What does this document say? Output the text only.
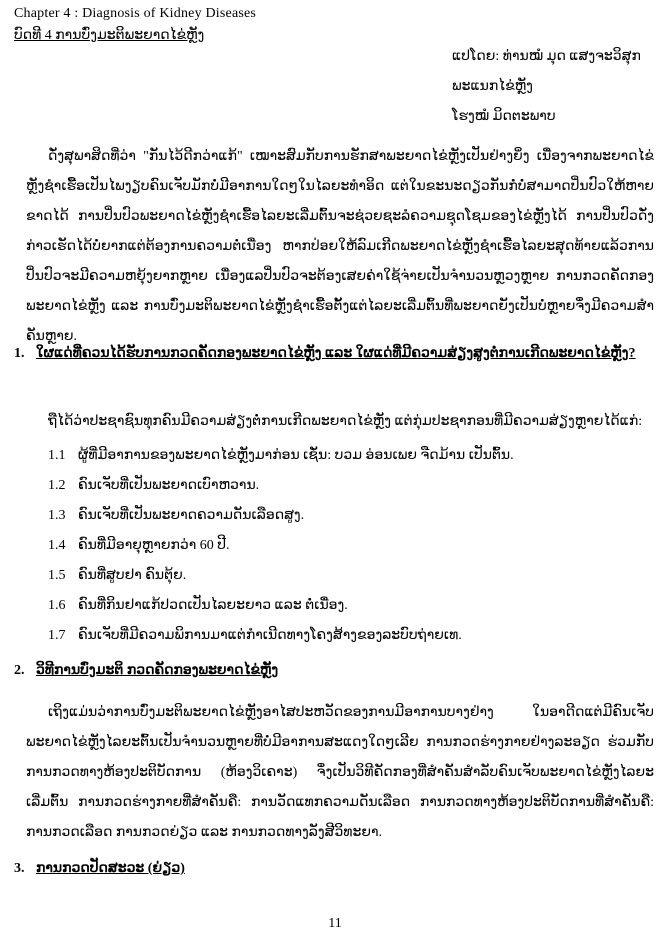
Chapter 4 : Diagnosis of Kidney Diseases
ບົດທີ 4 ການບົ່ງມະຕິພະຍາດໄຂ່ຫຼັງ
ແປໂດຍ: ທ່ານໝໍ ມຸດ ແສງຈະວິສຸກ
ພະແນກໄຂ່ຫຼັງ
ໂຮງໝໍ ມິດຕະພາບ
ດັ່ງສຸພາສິດທີ່ວ່າ "ກັນໄວ້ດີກວ່າແກ້" ເໝາະສົມກັບການຮັກສາພະຍາດໄຂ່ຫຼັງເປັນຢ່າງຍິ່ງ ເນື່ອງຈາກພະຍາດໄຂ່ຫຼັງຊໍາເຮື້ອເປັນໄພງຽບຄົນເຈັບມັກບໍ່ມີອາການໃດໆໃນໄລຍະທໍາອິດ ແຕ່ໃນຂະນະດຽວກັນກໍ່ບໍ່ສາມາດປິ່ນປົວໃຫ້ຫາຍຂາດໄດ້ ການປິ່ນປົວພະຍາດໄຂ່ຫຼັງຊໍາເຮື້ອໄລຍະເລີ່ມຕົ້ນຈະຊ່ວຍຊະລໍຄວາມຊຸດໂຊມຂອງໄຂ່ຫຼັງໄດ້ ການປິ່ນປົວດັ່ງກ່າວເຮັດໄດ້ບໍ່ຍາກແຕ່ຕ້ອງການຄວາມຕໍ່ເນື່ອງ ຫາກປ່ອຍໃຫ້ລົມເກີດພະຍາດໄຂ່ຫຼັງຊໍາເຮື້ອໄລຍະສຸດທ້າຍແລ້ວການປິ່ນປົວຈະມີຄວາມຫຍຸ້ງຍາກຫຼາຍ ເນື່ອງແລປິ່ນປົວຈະຕ້ອງເສຍຄ່າໃຊ້ຈ່າຍເປັນຈໍານວນຫຼວງຫຼາຍ ການກວດຄັດກອງພະຍາດໄຂ່ຫຼັງ ແລະ ການບົ່ງມະຕິພະຍາດໄຂ່ຫຼັງຊໍາເຮື້ອຕັ້ງແຕ່ໄລຍະເລີ່ມຕົ້ນທີ່ພະຍາດຍັງເປັນບໍ່ຫຼາຍຈຶ່ງມີຄວາມສໍາຄັນຫຼາຍ.
1. ໃຜແດ່ທີ່ຄວນໄດ້ຮັບການກວດຄັດກອງພະຍາດໄຂ່ຫຼັງ ແລະ ໃຜແດ່ທີ່ມີຄວາມສ່ຽງສູງຕໍ່ການເກີດພະຍາດໄຂ່ຫຼັງ?
ຖືໄດ້ວ່າປະຊາຊົນທຸກຄົນມີຄວາມສ່ຽງຕໍ່ການເກີດພະຍາດໄຂ່ຫຼັງ ແຕ່ກຸ່ມປະຊາກອນທີ່ມີຄວາມສ່ຽງຫຼາຍໄດ້ແກ່:
1.1 ຜູ້ທີ່ມີອາການຂອງພະຍາດໄຂ່ຫຼັງມາກ່ອນ ເຊັ່ນ: ບວມ ອ່ອນເພຍ ຈືດມ້ານ ເປັນຕົ້ນ.
1.2 ຄົນເຈັບທີ່ເປັນພະຍາດເບົາຫວານ.
1.3 ຄົນເຈັບທີ່ເປັນພະຍາດຄວາມດັນເລືອດສູງ.
1.4 ຄົນທີ່ມີອາຍຸຫຼາຍກວ່າ 60 ປີ.
1.5 ຄົນທີ່ສູບຢາ ຄົນຕຸ້ຍ.
1.6 ຄົນທີ່ກິນຢາແກ້ປວດເປັນໄລຍະຍາວ ແລະ ຕໍ່ເນື່ອງ.
1.7 ຄົນເຈັບທີ່ມີຄວາມພິການມາແຕ່ກໍາເນີດທາງໂຄງສ້າງຂອງລະບົບຖ່າຍເທ.
2. ວິທີການບົ່ງມະຕິ ກວດຄັດກອງພະຍາດໄຂ່ຫຼັງ
ເຖິງແມ່ນວ່າການບົ່ງມະຕິພະຍາດໄຂ່ຫຼັງອາໄສປະຫວັດຂອງການມີອາການບາງຢ່າງ ໃນອາດີດແຕ່ມີຄົນເຈັບພະຍາດໄຂ່ຫຼັງໄລຍະຕົ້ນເປັນຈໍານວນຫຼາຍທີ່ບໍ່ມີອາການສະແດງໃດໆເລີຍ ການກວດຮ່າງກາຍຢ່າງລະອຽດ ຮ່ວມກັບການກວດທາງຫ້ອງປະຕິບັດການ (ຫ້ອງວິເຄາະ) ຈຶ່ງເປັນວິທີຄັດກອງທີ່ສໍາຄັນສໍາລັບຄົນເຈັບພະຍາດໄຂ່ຫຼັງໄລຍະເລີ່ມຕົ້ນ ການກວດຮ່າງກາຍທີ່ສໍາຄັນຄື: ການວັດແທກຄວາມດັນເລືອດ ການກວດທາງຫ້ອງປະຕິບັດການທີ່ສໍາຄັນຄື: ການກວດເລືອດ ການກວດຍ່ຽວ ແລະ ການກວດທາງລັງສີວິທະຍາ.
3. ການກວດປັດສະວະ (ຍ່ຽວ)
11
